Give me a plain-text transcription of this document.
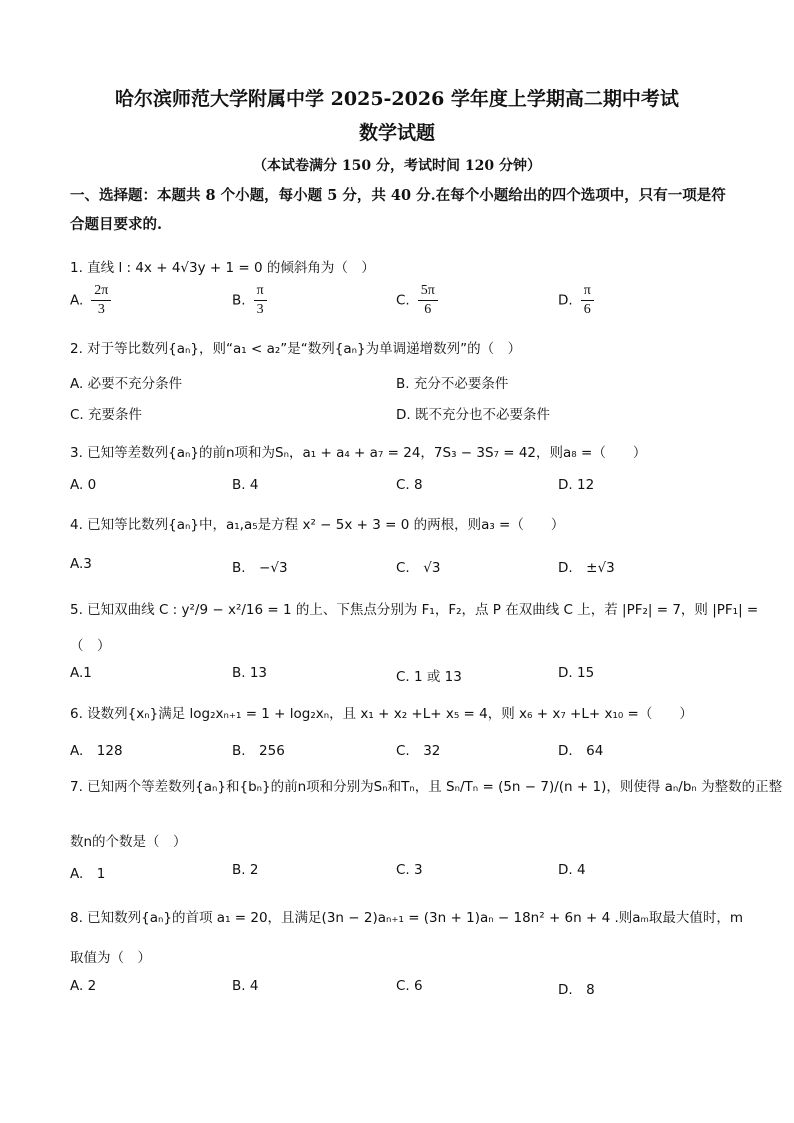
哈尔滨师范大学附属中学 2025-2026 学年度上学期高二期中考试
数学试题
（本试卷满分 150 分，考试时间 120 分钟）
一、选择题：本题共 8 个小题，每小题 5 分，共 40 分.在每个小题给出的四个选项中，只有一项是符合题目要求的.
1. 直线 l : 4x + 4√3y + 1 = 0 的倾斜角为（　）
A. $\frac{2\pi}{3}$	B. $\frac{\pi}{3}$	C. $\frac{5\pi}{6}$	D. $\frac{\pi}{6}$
2. 对于等比数列{aₙ}，则“a₁ < a₂”是“数列{aₙ}为单调递增数列”的（　）
A. 必要不充分条件	B. 充分不必要条件
C. 充要条件	D. 既不充分也不必要条件
3. 已知等差数列{aₙ}的前n项和为Sₙ，a₁ + a₄ + a₇ = 24，7S₃ − 3S₇ = 42，则a₈ =（　　）
A. 0	B. 4	C. 8	D. 12
4. 已知等比数列{aₙ}中，a₁,a₅是方程 x² − 5x + 3 = 0 的两根，则a₃ =（　　）
A.3	B.　−√3	C.　√3	D.　±√3
5. 已知双曲线 C : y²/9 − x²/16 = 1 的上、下焦点分别为 F₁，F₂，点 P 在双曲线 C 上，若 |PF₂| = 7，则 |PF₁| =
（　）
A.1	B. 13	C. 1 或 13	D. 15
6. 设数列{xₙ}满足 log₂xₙ₊₁ = 1 + log₂xₙ，且 x₁ + x₂ +L+ x₅ = 4，则 x₆ + x₇ +L+ x₁₀ =（　　）
A.　128	B.　256	C.　32	D.　64
7. 已知两个等差数列{aₙ}和{bₙ}的前n项和分别为Sₙ和Tₙ，且 Sₙ/Tₙ = (5n − 7)/(n + 1)，则使得 aₙ/bₙ 为整数的正整
数n的个数是（　）
A.　1	B. 2	C. 3	D. 4
8. 已知数列{aₙ}的首项 a₁ = 20，且满足(3n − 2)aₙ₊₁ = (3n + 1)aₙ − 18n² + 6n + 4 .则aₘ取最大值时，m
取值为（　）
A. 2	B. 4	C. 6	D.　8
